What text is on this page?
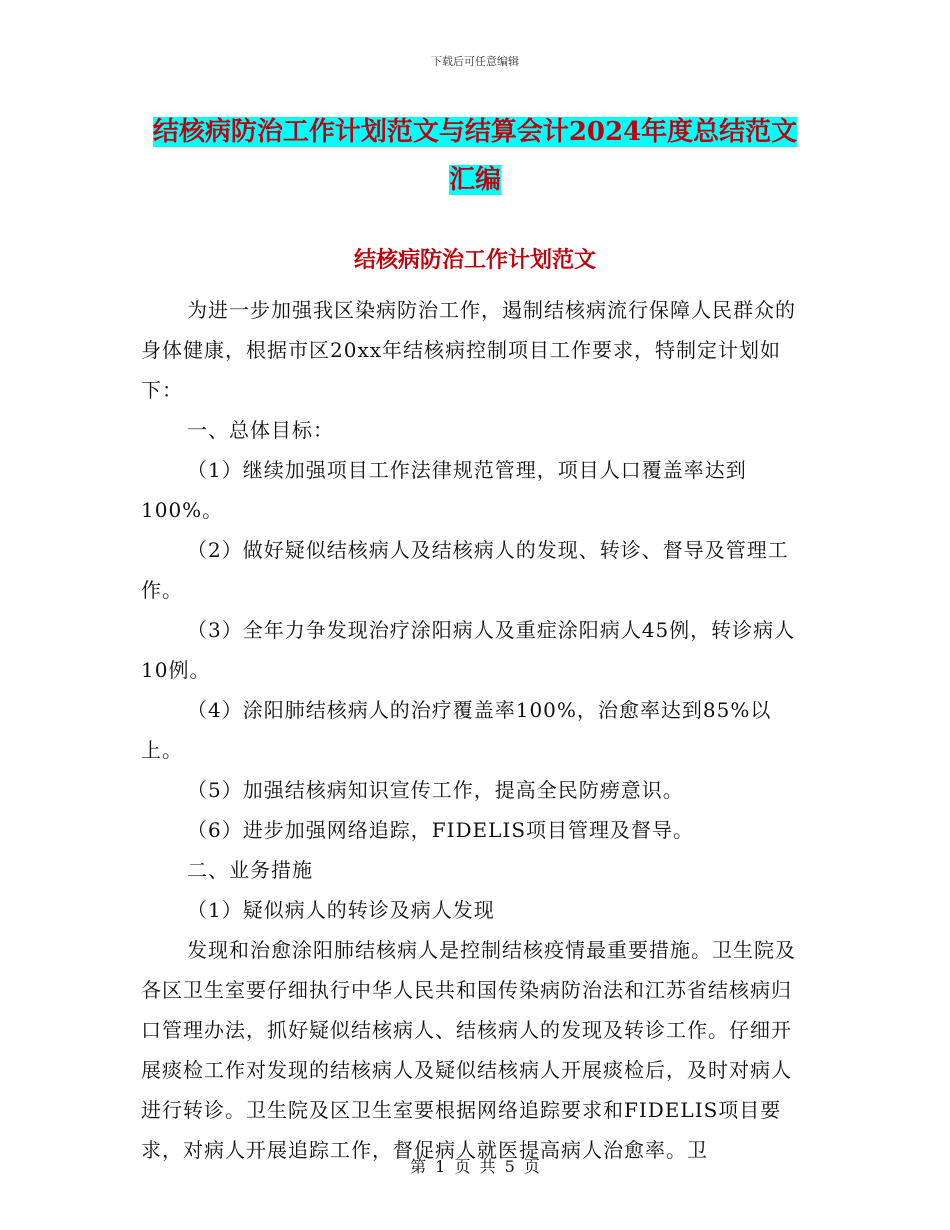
下载后可任意编辑
结核病防治工作计划范文与结算会计2024年度总结范文汇编
结核病防治工作计划范文

为进一步加强我区染病防治工作，遏制结核病流行保障人民群众的身体健康，根据市区20xx年结核病控制项目工作要求，特制定计划如下：

一、总体目标：

（1）继续加强项目工作法律规范管理，项目人口覆盖率达到100%。

（2）做好疑似结核病人及结核病人的发现、转诊、督导及管理工作。

（3）全年力争发现治疗涂阳病人及重症涂阳病人45例，转诊病人10例。

（4）涂阳肺结核病人的治疗覆盖率100%，治愈率达到85%以上。

（5）加强结核病知识宣传工作，提高全民防痨意识。

（6）进步加强网络追踪，FIDELIS项目管理及督导。

二、业务措施

（1）疑似病人的转诊及病人发现

发现和治愈涂阳肺结核病人是控制结核疫情最重要措施。卫生院及各区卫生室要仔细执行中华人民共和国传染病防治法和江苏省结核病归口管理办法，抓好疑似结核病人、结核病人的发现及转诊工作。仔细开展痰检工作对发现的结核病人及疑似结核病人开展痰检后，及时对病人进行转诊。卫生院及区卫生室要根据网络追踪要求和FIDELIS项目要求，对病人开展追踪工作，督促病人就医提高病人治愈率。卫

第 1 页 共 5 页
